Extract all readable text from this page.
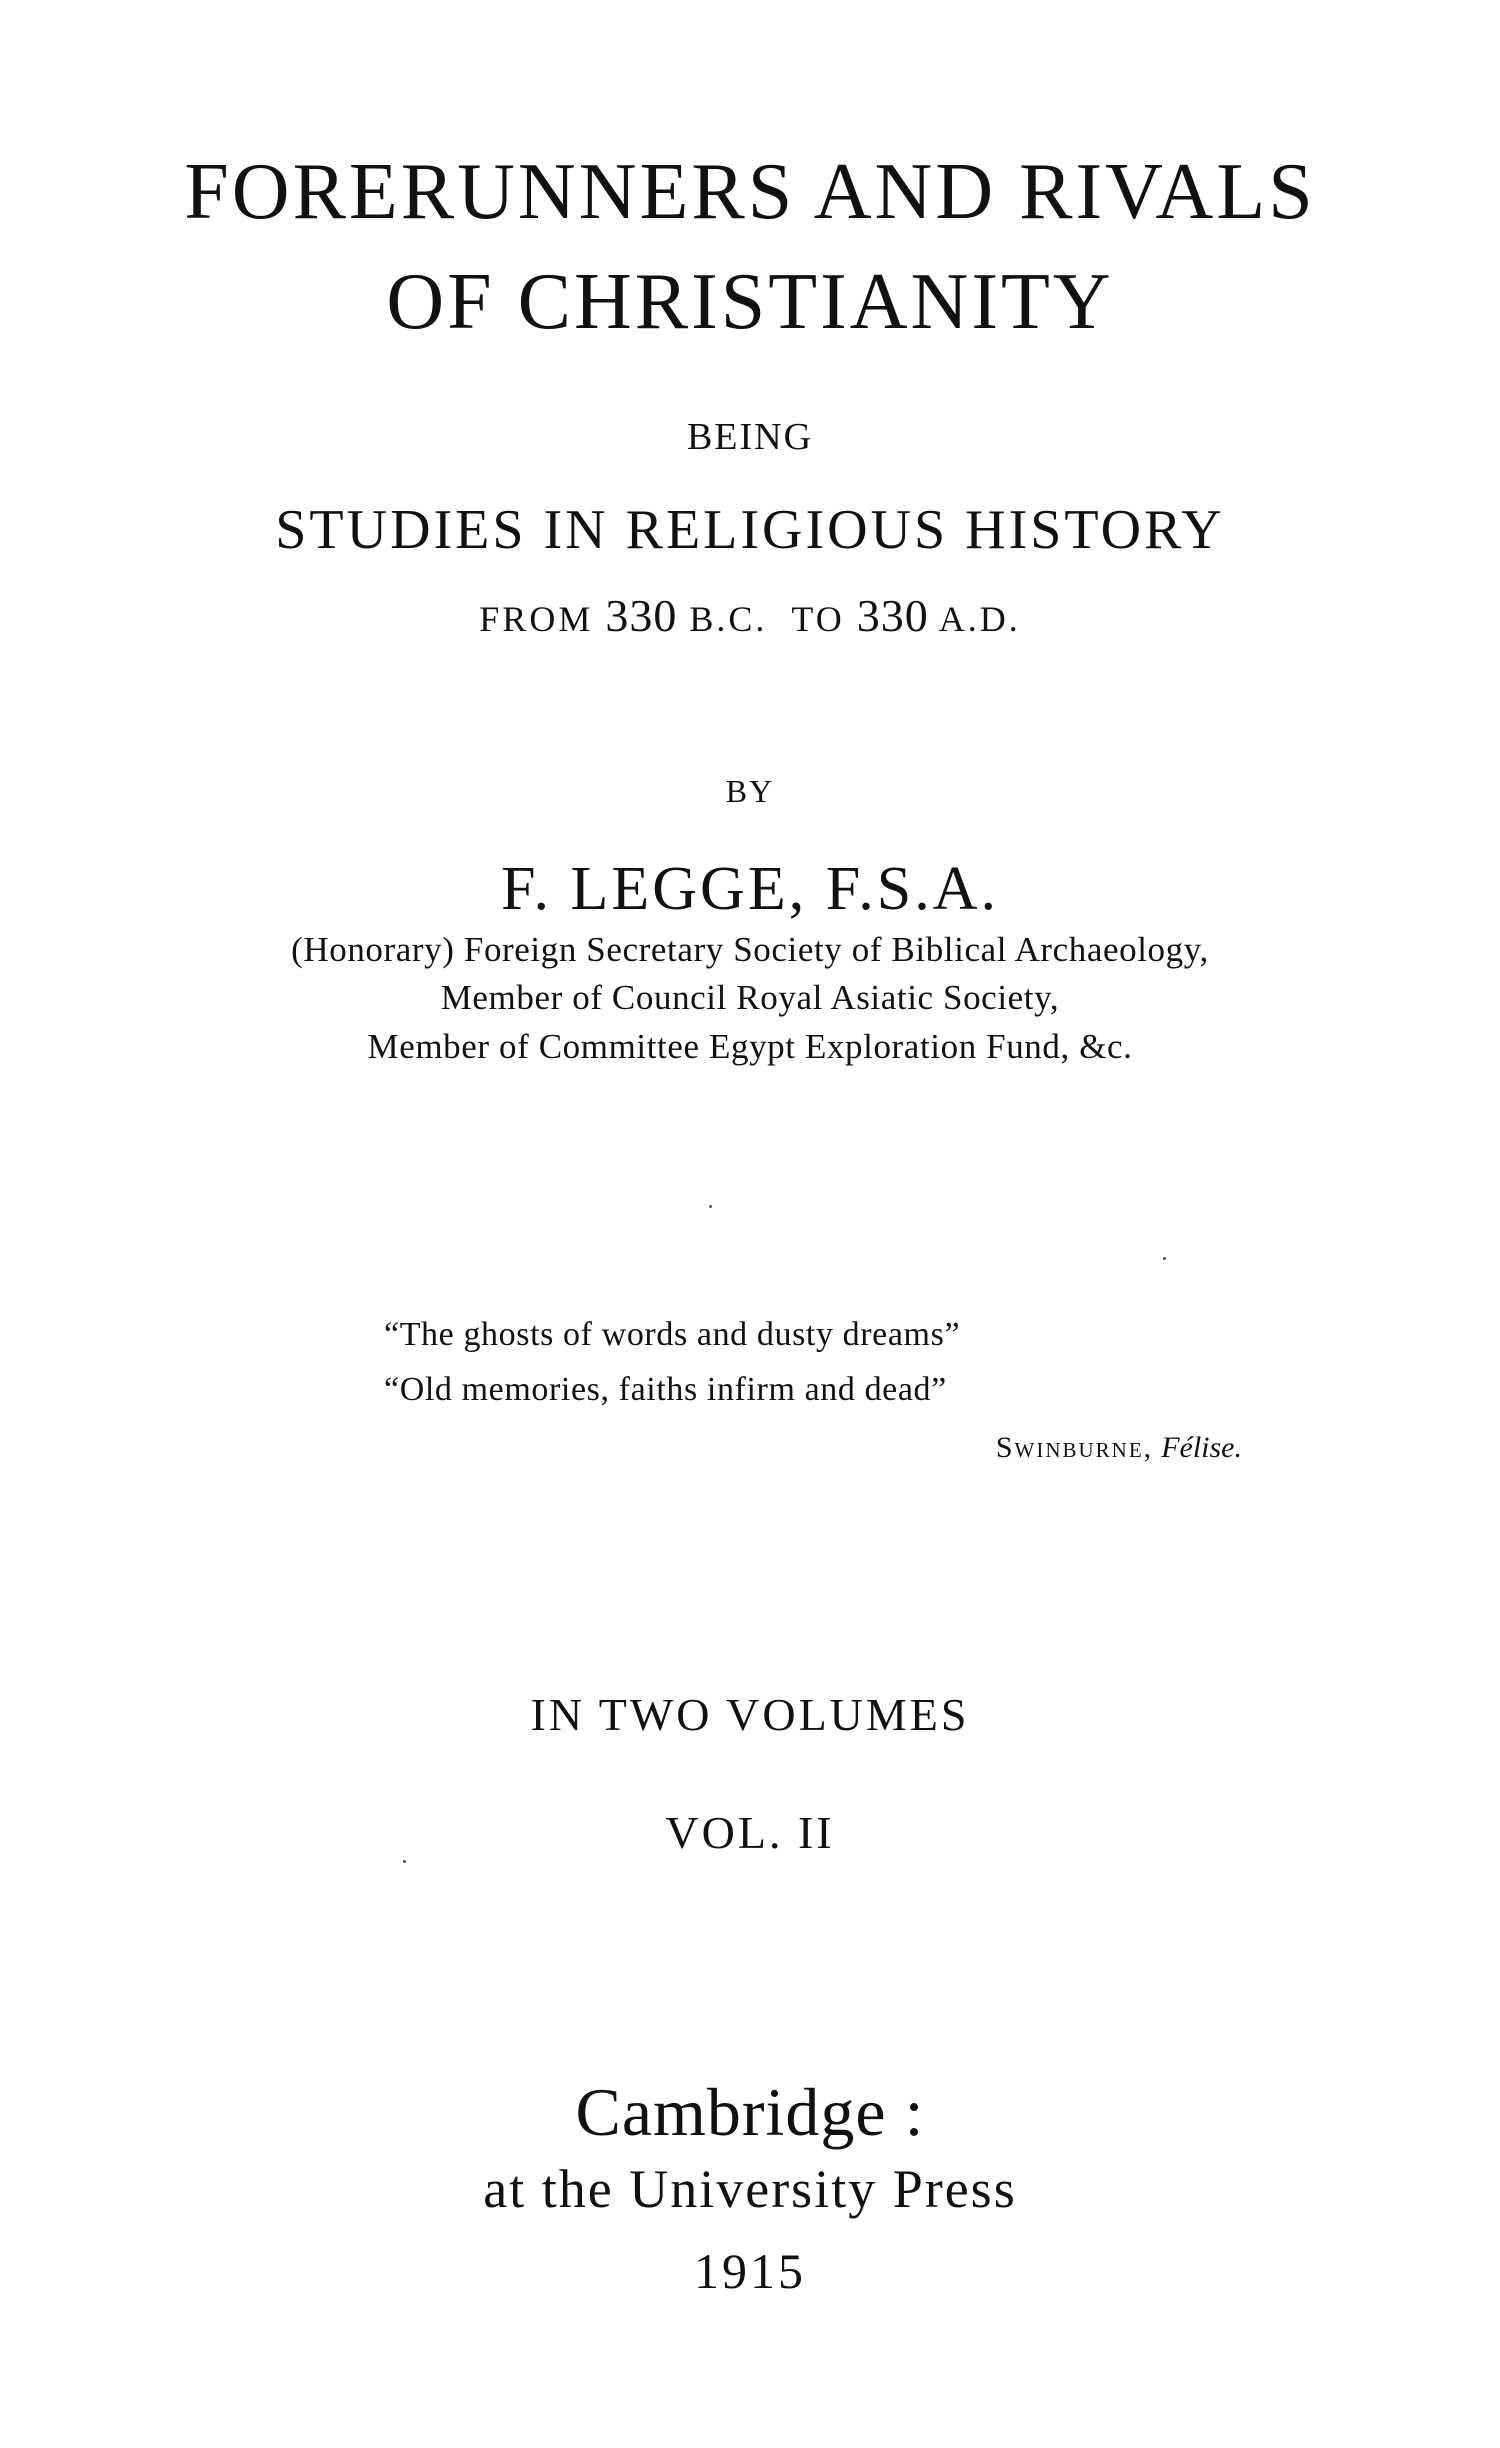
FORERUNNERS AND RIVALS
OF CHRISTIANITY
BEING
STUDIES IN RELIGIOUS HISTORY
FROM 330 B.C. TO 330 A.D.
BY
F. LEGGE, F.S.A.
(Honorary) Foreign Secretary Society of Biblical Archaeology,
Member of Council Royal Asiatic Society,
Member of Committee Egypt Exploration Fund, &c.
“The ghosts of words and dusty dreams”
“Old memories, faiths infirm and dead”
Swinburne, Félise.
IN TWO VOLUMES
VOL. II
Cambridge :
at the University Press
1915
